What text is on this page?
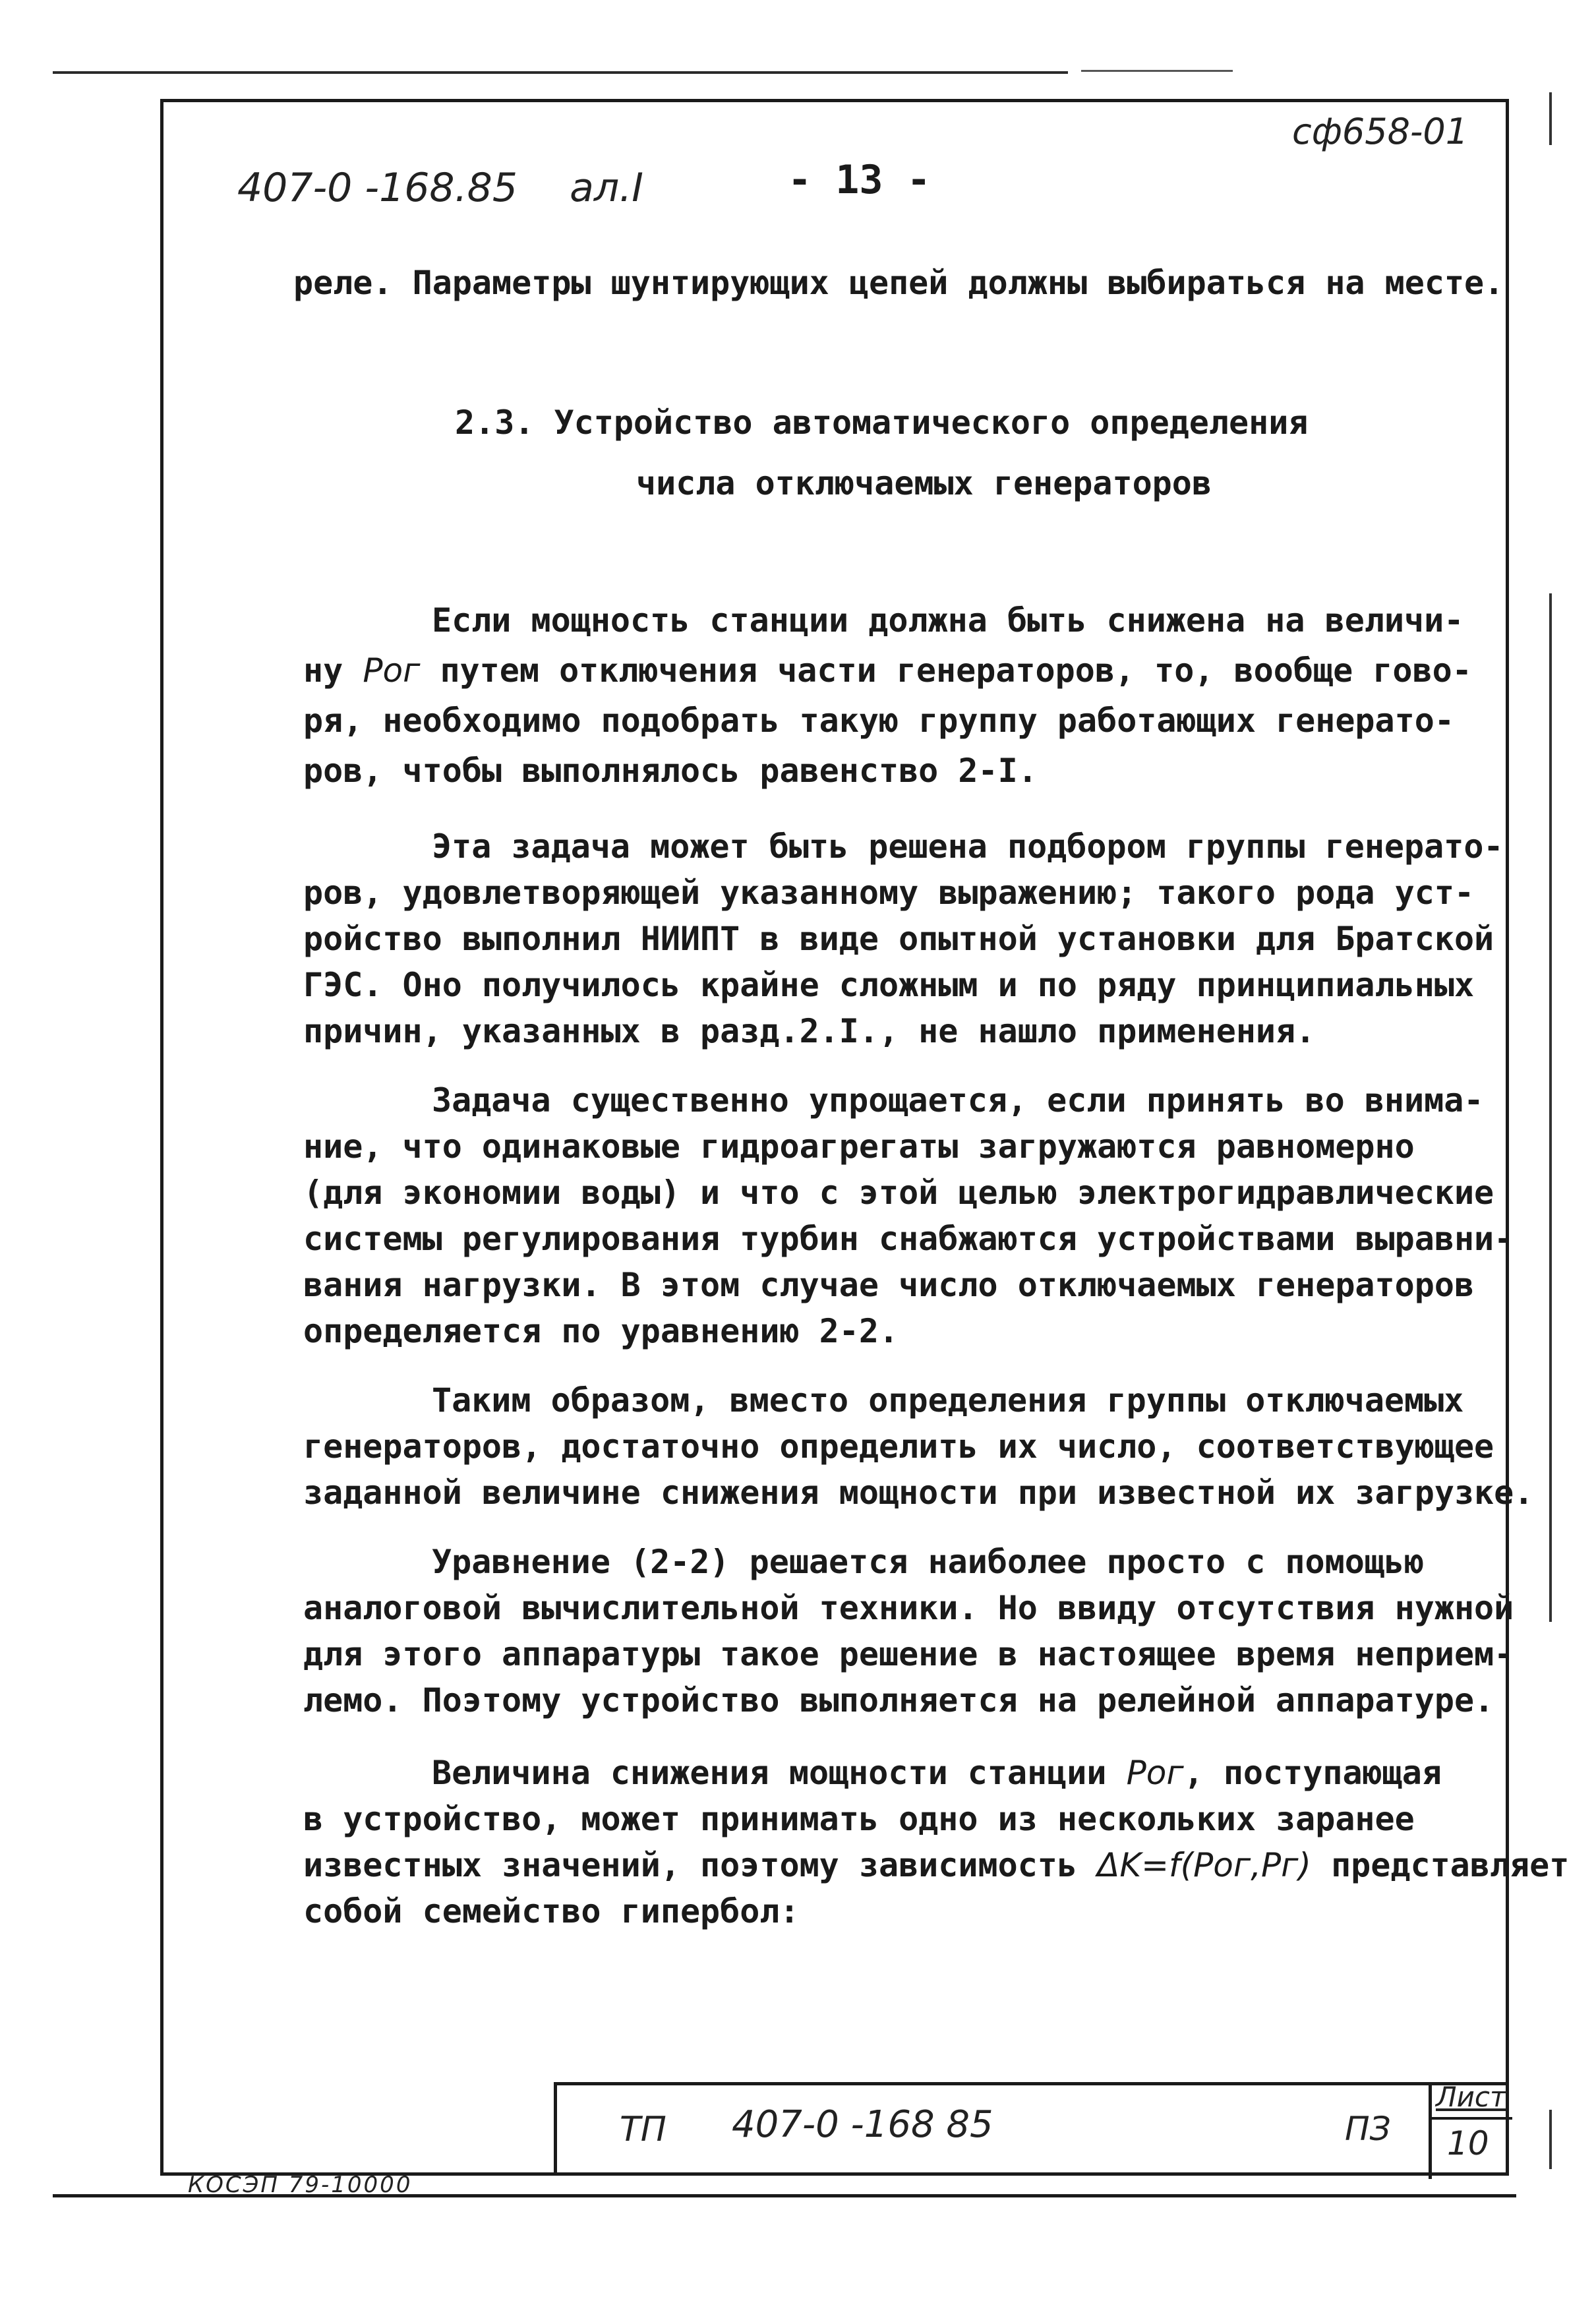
сф658-01
407-0 -168.85 ал.I	- 13 -
реле. Параметры шунтирующих цепей должны выбираться на месте.
2.3. Устройство автоматического определения
числа отключаемых генераторов
Если мощность станции должна быть снижена на величи-
ну Pог путем отключения части генераторов, то, вообще гово-
ря, необходимо подобрать такую группу работающих генерато-
ров, чтобы выполнялось равенство 2-I.
Эта задача может быть решена подбором группы генерато-
ров, удовлетворяющей указанному выражению; такого рода уст-
ройство выполнил НИИПТ в виде опытной установки для Братской
ГЭС. Оно получилось крайне сложным и по ряду принципиальных
причин, указанных в разд.2.I., не нашло применения.
Задача существенно упрощается, если принять во внима-
ние, что одинаковые гидроагрегаты загружаются равномерно
(для экономии воды) и что с этой целью электрогидравлические
системы регулирования турбин снабжаются устройствами выравни-
вания нагрузки. В этом случае число отключаемых генераторов
определяется по уравнению 2-2.
Таким образом, вместо определения группы отключаемых
генераторов, достаточно определить их число, соответствующее
заданной величине снижения мощности при известной их загрузке.
Уравнение (2-2) решается наиболее просто с помощью
аналоговой вычислительной техники. Но ввиду отсутствия нужной
для этого аппаратуры такое решение в настоящее время неприем-
лемо. Поэтому устройство выполняется на релейной аппаратуре.
Величина снижения мощности станции Pог, поступающая
в устройство, может принимать одно из нескольких заранее
известных значений, поэтому зависимость ΔK=f(Pог,Pг) представляет
собой семейство гипербол:
ТП 407-0 -168 85	ПЗ
Лист
10
КОСЭП 79-10000
